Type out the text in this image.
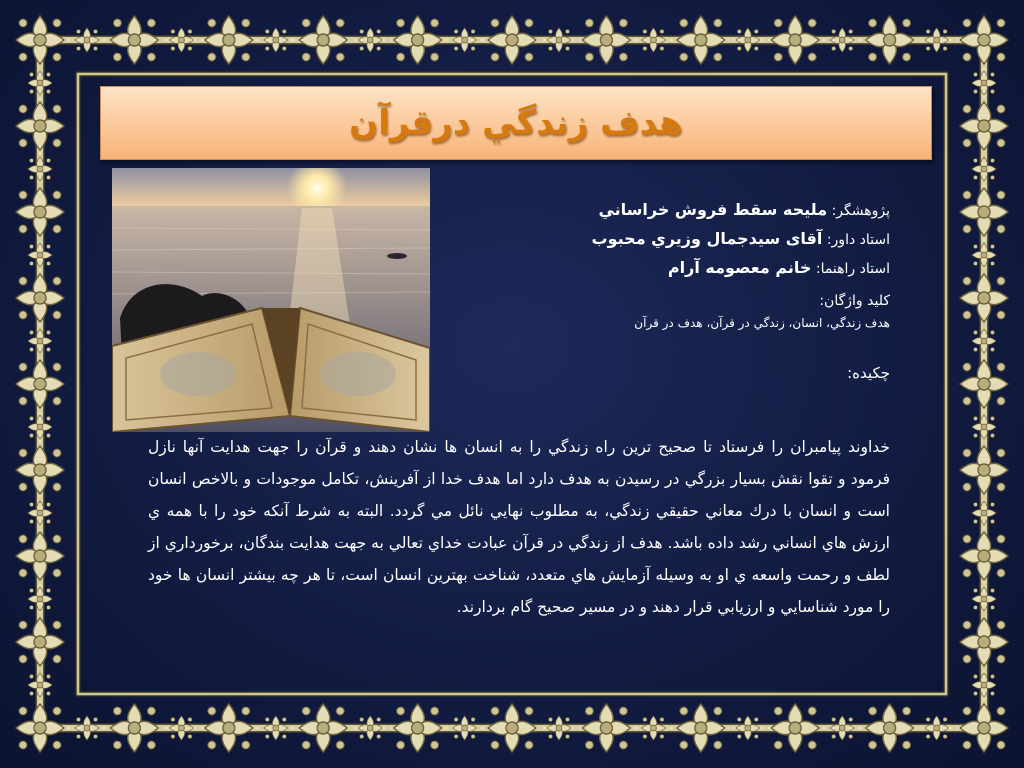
هدف زندگي درقرآن
پژوهشگر: مليحه سقط فروش خراساني
استاد داور: آقای سيدجمال وزيري محبوب
استاد راهنما: خانم معصومه آرام
کليد واژگان:
هدف زندگي، انسان، زندگي در قرآن، هدف در قرآن
چکيده:
خداوند پيامبران را فرستاد تا صحيح ترين راه زندگي را به انسان ها نشان دهند و قرآن را جهت هدايت آنها نازل فرمود و تقوا نقش بسيار بزرگي در رسيدن به هدف دارد اما هدف خدا از آفرينش، تکامل موجودات و بالاخص انسان است و انسان با درك معاني حقيقي زندگي، به مطلوب نهايي نائل مي گردد. البته به شرط آنكه خود را با همه ي ارزش هاي انساني رشد داده باشد. هدف از زندگي در قرآن عبادت خداي تعالي به جهت هدايت بندگان، برخورداري از لطف و رحمت واسعه ي او به وسيله آزمايش هاي متعدد، شناخت بهترين انسان است، تا هر چه بيشتر انسان ها خود را مورد شناسايي و ارزيابي قرار دهند و در مسير صحيح گام بردارند.
